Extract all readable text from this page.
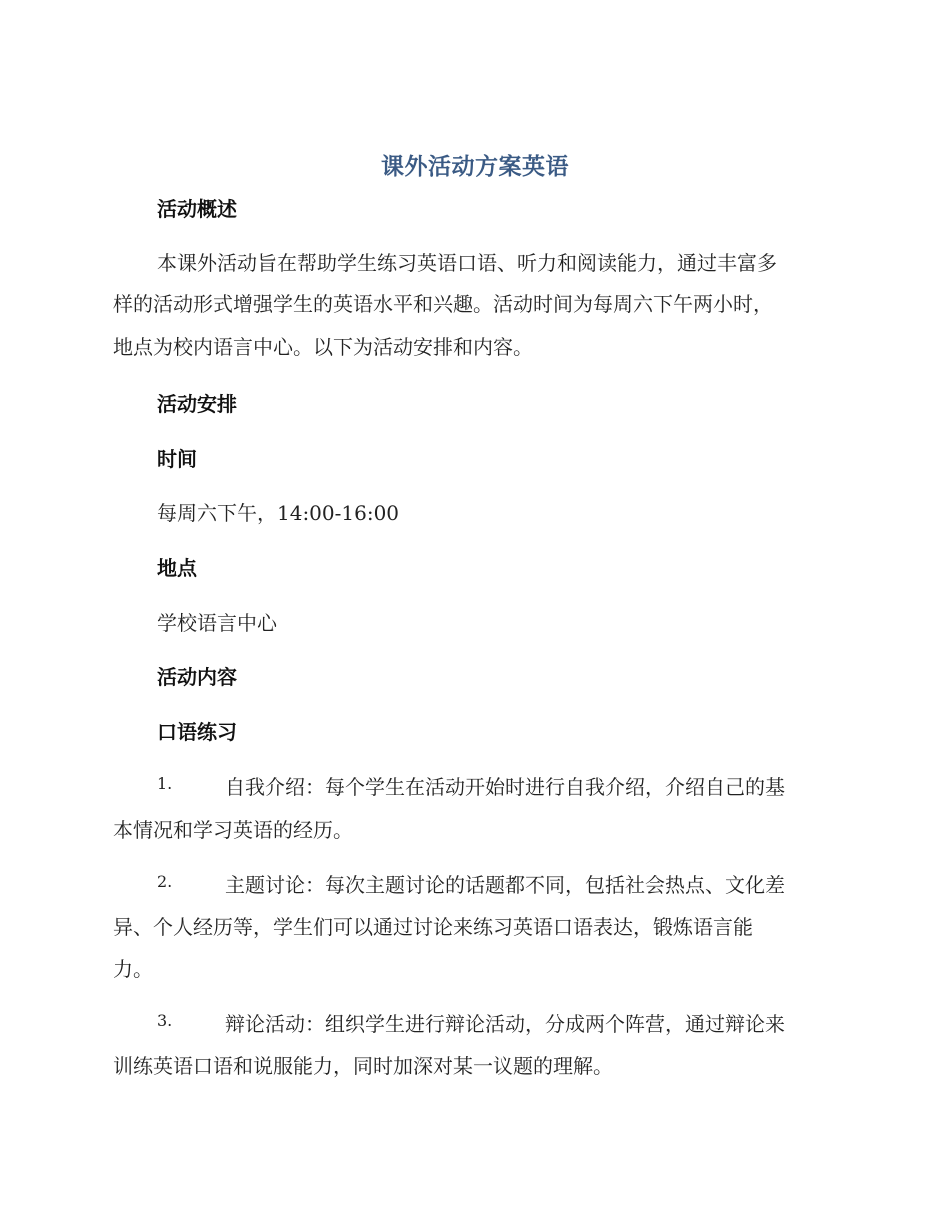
课外活动方案英语
活动概述
本课外活动旨在帮助学生练习英语口语、听力和阅读能力，通过丰富多
样的活动形式增强学生的英语水平和兴趣。活动时间为每周六下午两小时，
地点为校内语言中心。以下为活动安排和内容。
活动安排
时间
每周六下午，14:00-16:00
地点
学校语言中心
活动内容
口语练习
1.	自我介绍：每个学生在活动开始时进行自我介绍，介绍自己的基
本情况和学习英语的经历。
2.	主题讨论：每次主题讨论的话题都不同，包括社会热点、文化差
异、个人经历等，学生们可以通过讨论来练习英语口语表达，锻炼语言能
力。
3.	辩论活动：组织学生进行辩论活动，分成两个阵营，通过辩论来
训练英语口语和说服能力，同时加深对某一议题的理解。
